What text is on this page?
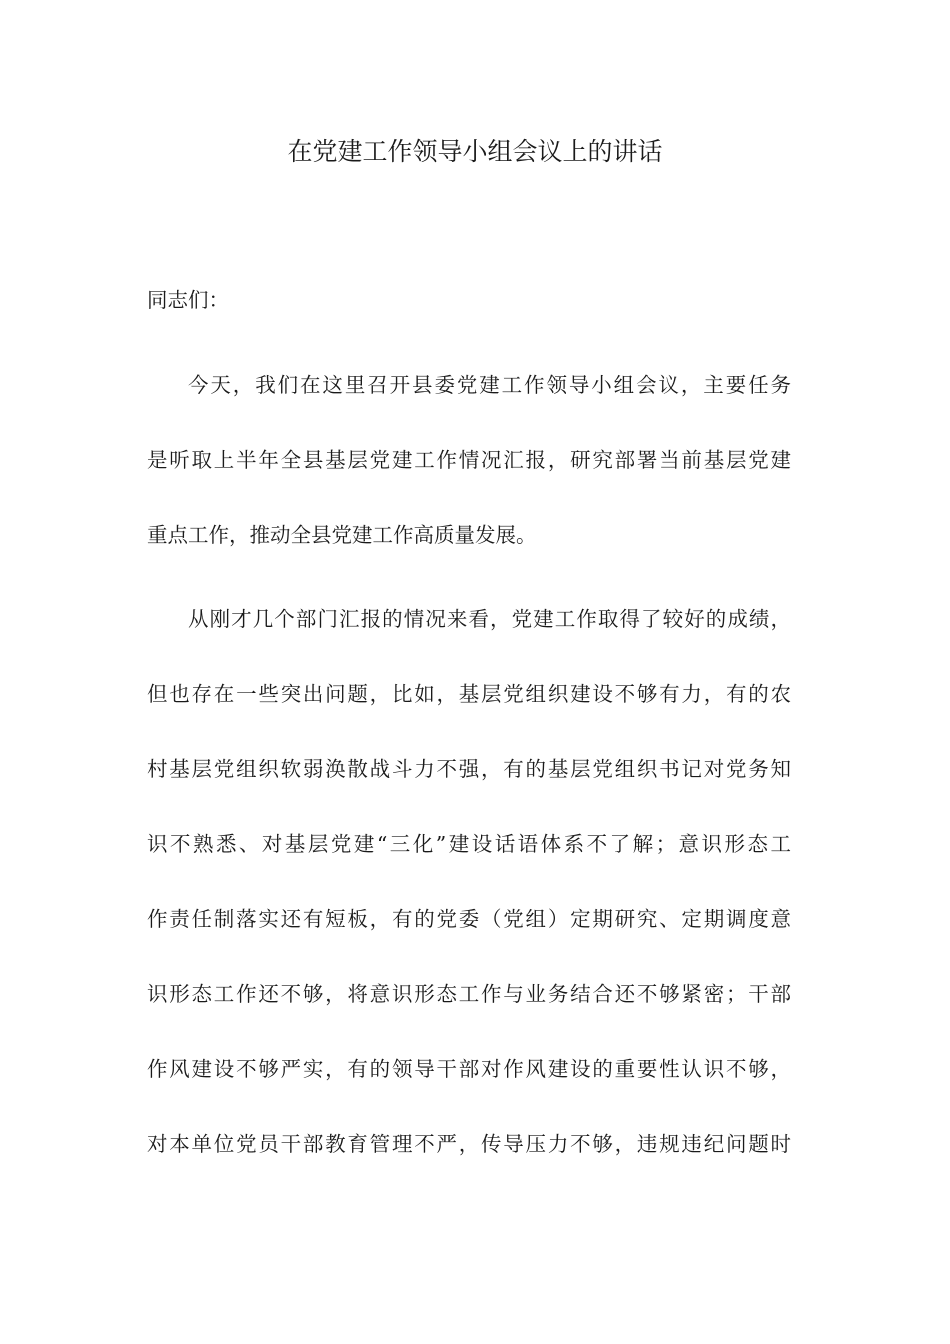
在党建工作领导小组会议上的讲话
同志们：
今天，我们在这里召开县委党建工作领导小组会议，主要任务
是听取上半年全县基层党建工作情况汇报，研究部署当前基层党建
重点工作，推动全县党建工作高质量发展。
从刚才几个部门汇报的情况来看，党建工作取得了较好的成绩，
但也存在一些突出问题，比如，基层党组织建设不够有力，有的农
村基层党组织软弱涣散战斗力不强，有的基层党组织书记对党务知
识不熟悉、对基层党建“三化”建设话语体系不了解；意识形态工
作责任制落实还有短板，有的党委（党组）定期研究、定期调度意
识形态工作还不够，将意识形态工作与业务结合还不够紧密；干部
作风建设不够严实，有的领导干部对作风建设的重要性认识不够，
对本单位党员干部教育管理不严，传导压力不够，违规违纪问题时
